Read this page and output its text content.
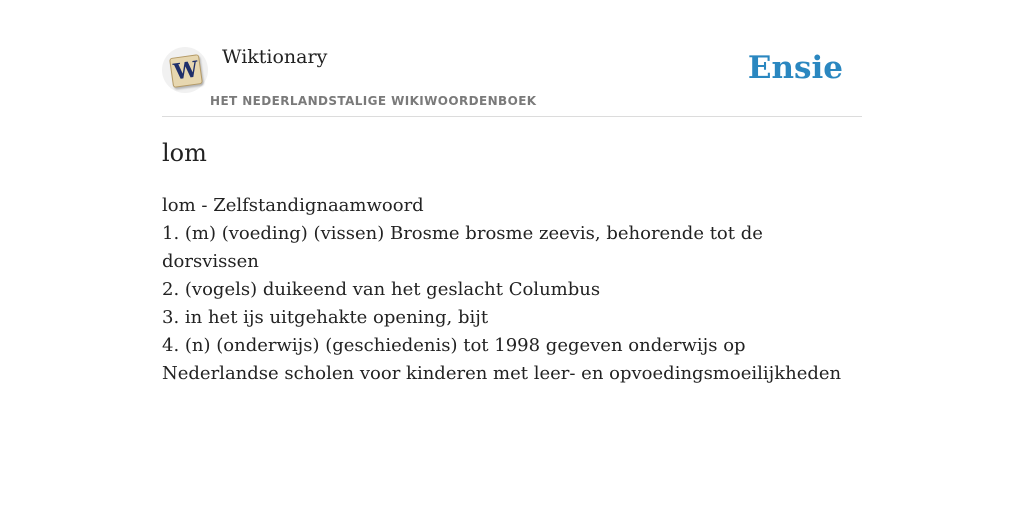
W Wiktionary
HET NEDERLANDSTALIGE WIKIWOORDENBOEK
Ensie
lom
lom - Zelfstandignaamwoord
1. (m) (voeding) (vissen) Brosme brosme zeevis, behorende tot de dorsvissen
2. (vogels) duikeend van het geslacht Columbus
3. in het ijs uitgehakte opening, bijt
4. (n) (onderwijs) (geschiedenis) tot 1998 gegeven onderwijs op Nederlandse scholen voor kinderen met leer- en opvoedingsmoeilijkheden
